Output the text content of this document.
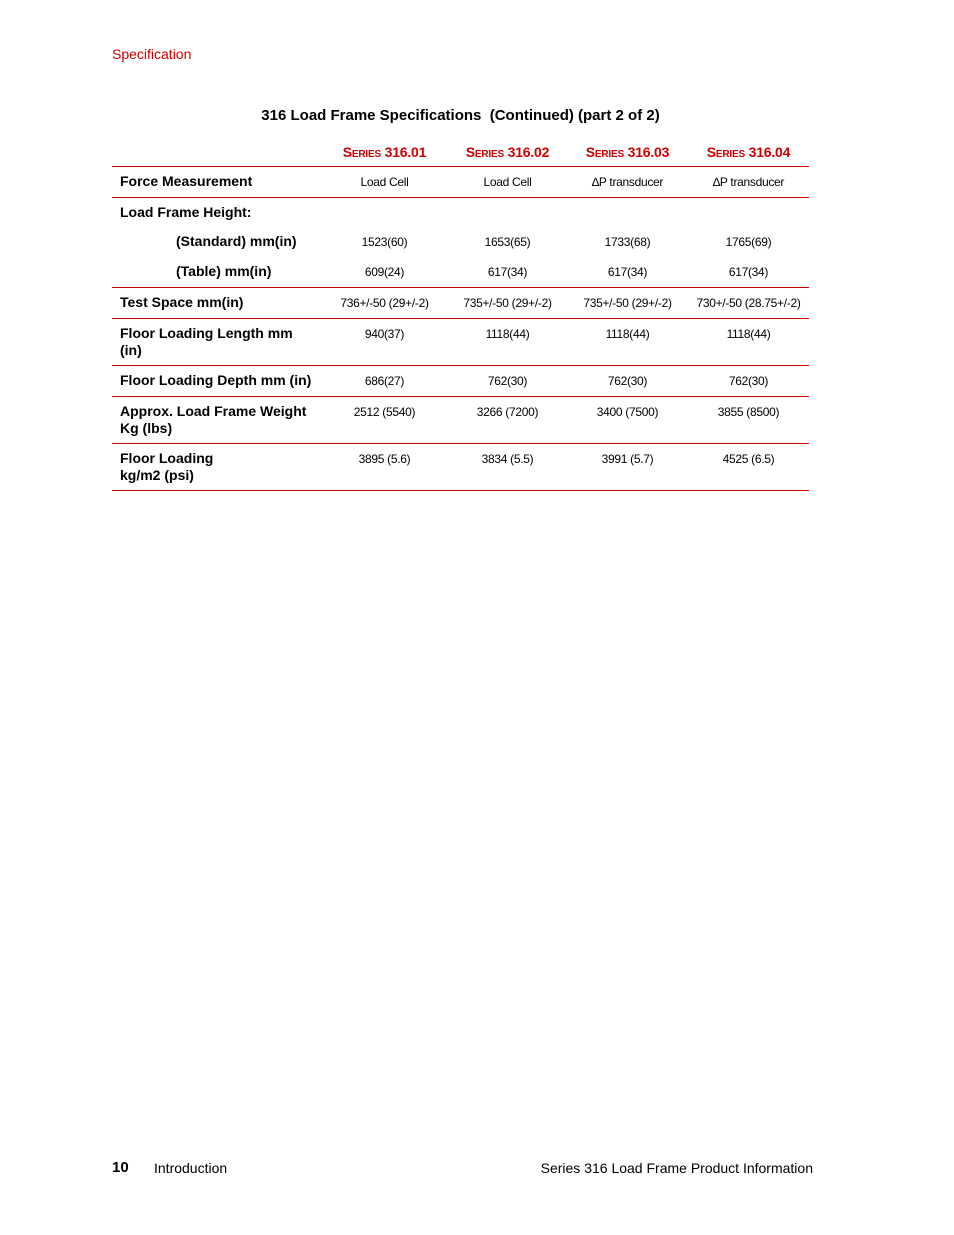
Specification
316 Load Frame Specifications  (Continued) (part 2 of 2)
	Series 316.01	Series 316.02	Series 316.03	Series 316.04
Force Measurement	Load Cell	Load Cell	∆P transducer	∆P transducer
Load Frame Height:				
(Standard) mm(in)	1523(60)	1653(65)	1733(68)	1765(69)
(Table) mm(in)	609(24)	617(34)	617(34)	617(34)
Test Space mm(in)	736+/-50 (29+/-2)	735+/-50 (29+/-2)	735+/-50 (29+/-2)	730+/-50 (28.75+/-2)
Floor Loading Length mm (in)	940(37)	1118(44)	1118(44)	1118(44)
Floor Loading Depth mm (in)	686(27)	762(30)	762(30)	762(30)
Approx. Load Frame Weight Kg (lbs)	2512 (5540)	3266 (7200)	3400 (7500)	3855 (8500)
Floor Loading
kg/m2 (psi)	3895 (5.6)	3834 (5.5)	3991 (5.7)	4525 (6.5)
10 Introduction	Series 316 Load Frame Product Information
